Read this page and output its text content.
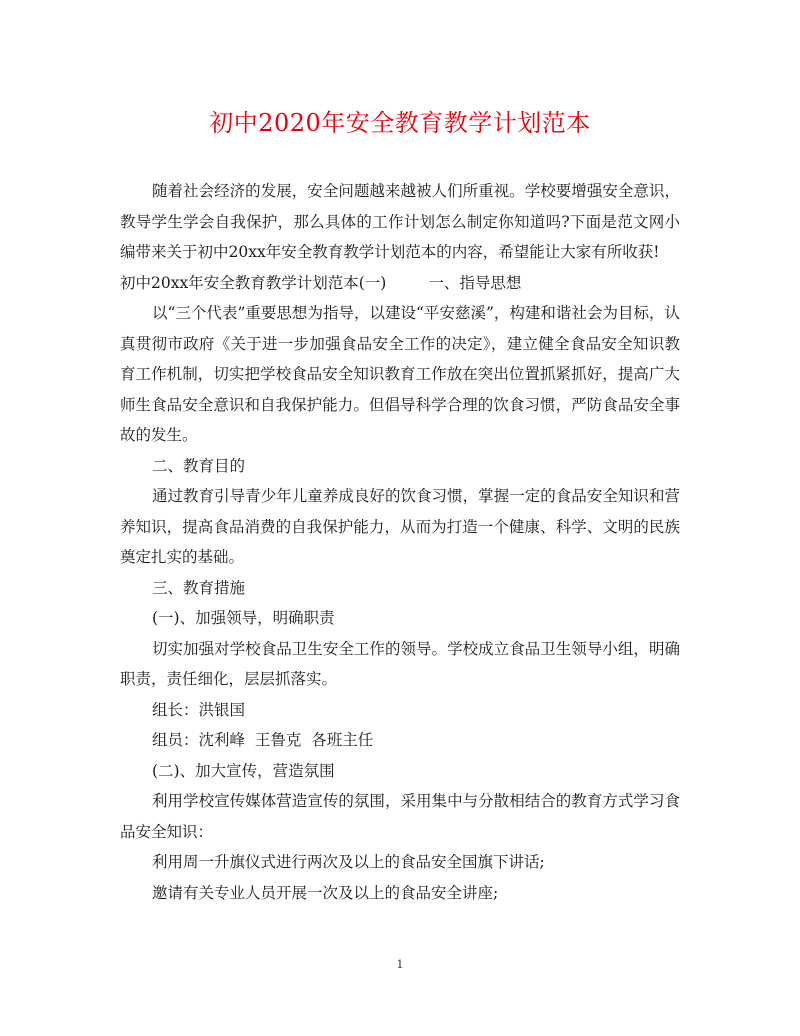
初中2020年安全教育教学计划范本

随着社会经济的发展，安全问题越来越被人们所重视。学校要增强安全意识，教导学生学会自我保护，那么具体的工作计划怎么制定你知道吗?下面是范文网小编带来关于初中20xx年安全教育教学计划范本的内容，希望能让大家有所收获!

初中20xx年安全教育教学计划范本(一)	一、指导思想

以“三个代表”重要思想为指导，以建设“平安慈溪”，构建和谐社会为目标，认真贯彻市政府《关于进一步加强食品安全工作的决定》，建立健全食品安全知识教育工作机制，切实把学校食品安全知识教育工作放在突出位置抓紧抓好，提高广大师生食品安全意识和自我保护能力。但倡导科学合理的饮食习惯，严防食品安全事故的发生。

二、教育目的

通过教育引导青少年儿童养成良好的饮食习惯，掌握一定的食品安全知识和营养知识，提高食品消费的自我保护能力，从而为打造一个健康、科学、文明的民族奠定扎实的基础。

三、教育措施

(一)、加强领导，明确职责

切实加强对学校食品卫生安全工作的领导。学校成立食品卫生领导小组，明确职责，责任细化，层层抓落实。

组长：洪银国

组员：沈利峰  王鲁克  各班主任

(二)、加大宣传，营造氛围

利用学校宣传媒体营造宣传的氛围，采用集中与分散相结合的教育方式学习食品安全知识：

利用周一升旗仪式进行两次及以上的食品安全国旗下讲话;

邀请有关专业人员开展一次及以上的食品安全讲座;

1
